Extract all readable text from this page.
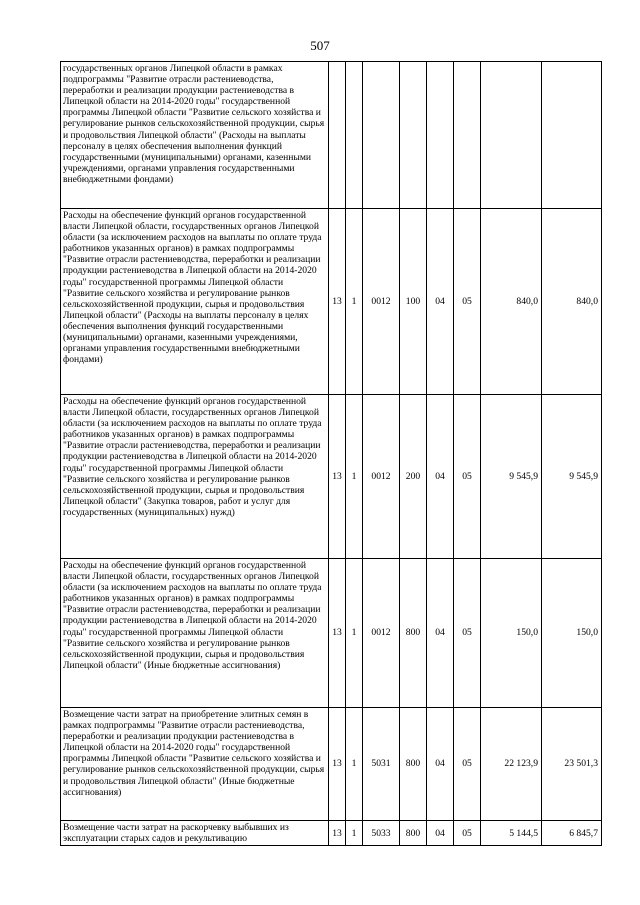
507
государственных органов Липецкой области в рамках подпрограммы "Развитие отрасли растениеводства, переработки и реализации продукции растениеводства в Липецкой области на 2014-2020 годы" государственной программы Липецкой области "Развитие сельского хозяйства и регулирование рынков сельскохозяйственной продукции, сырья и продовольствия Липецкой области" (Расходы на выплаты персоналу в целях обеспечения выполнения функций государственными (муниципальными) органами, казенными учреждениями, органами управления государственными внебюджетными фондами)								
Расходы на обеспечение функций органов государственной власти Липецкой области, государственных органов Липецкой области (за исключением расходов на выплаты по оплате труда работников указанных органов) в рамках подпрограммы "Развитие отрасли растениеводства, переработки и реализации продукции растениеводства в Липецкой области на 2014-2020 годы" государственной программы Липецкой области "Развитие сельского хозяйства и регулирование рынков сельскохозяйственной продукции, сырья и продовольствия Липецкой области" (Расходы на выплаты персоналу в целях обеспечения выполнения функций государственными (муниципальными) органами, казенными учреждениями, органами управления государственными внебюджетными фондами)	13	1	0012	100	04	05	840,0	840,0
Расходы на обеспечение функций органов государственной власти Липецкой области, государственных органов Липецкой области (за исключением расходов на выплаты по оплате труда работников указанных органов) в рамках подпрограммы "Развитие отрасли растениеводства, переработки и реализации продукции растениеводства в Липецкой области на 2014-2020 годы" государственной программы Липецкой области "Развитие сельского хозяйства и регулирование рынков сельскохозяйственной продукции, сырья и продовольствия Липецкой области" (Закупка товаров, работ и услуг для государственных (муниципальных) нужд)	13	1	0012	200	04	05	9 545,9	9 545,9
Расходы на обеспечение функций органов государственной власти Липецкой области, государственных органов Липецкой области (за исключением расходов на выплаты по оплате труда работников указанных органов) в рамках подпрограммы "Развитие отрасли растениеводства, переработки и реализации продукции растениеводства в Липецкой области на 2014-2020 годы" государственной программы Липецкой области "Развитие сельского хозяйства и регулирование рынков сельскохозяйственной продукции, сырья и продовольствия Липецкой области" (Иные бюджетные ассигнования)	13	1	0012	800	04	05	150,0	150,0
Возмещение части затрат на приобретение элитных семян в рамках подпрограммы "Развитие отрасли растениеводства, переработки и реализации продукции растениеводства в Липецкой области на 2014-2020 годы" государственной программы Липецкой области "Развитие сельского хозяйства и регулирование рынков сельскохозяйственной продукции, сырья и продовольствия Липецкой области" (Иные бюджетные ассигнования)	13	1	5031	800	04	05	22 123,9	23 501,3
Возмещение части затрат на раскорчевку выбывших из эксплуатации старых садов и рекультивацию	13	1	5033	800	04	05	5 144,5	6 845,7
